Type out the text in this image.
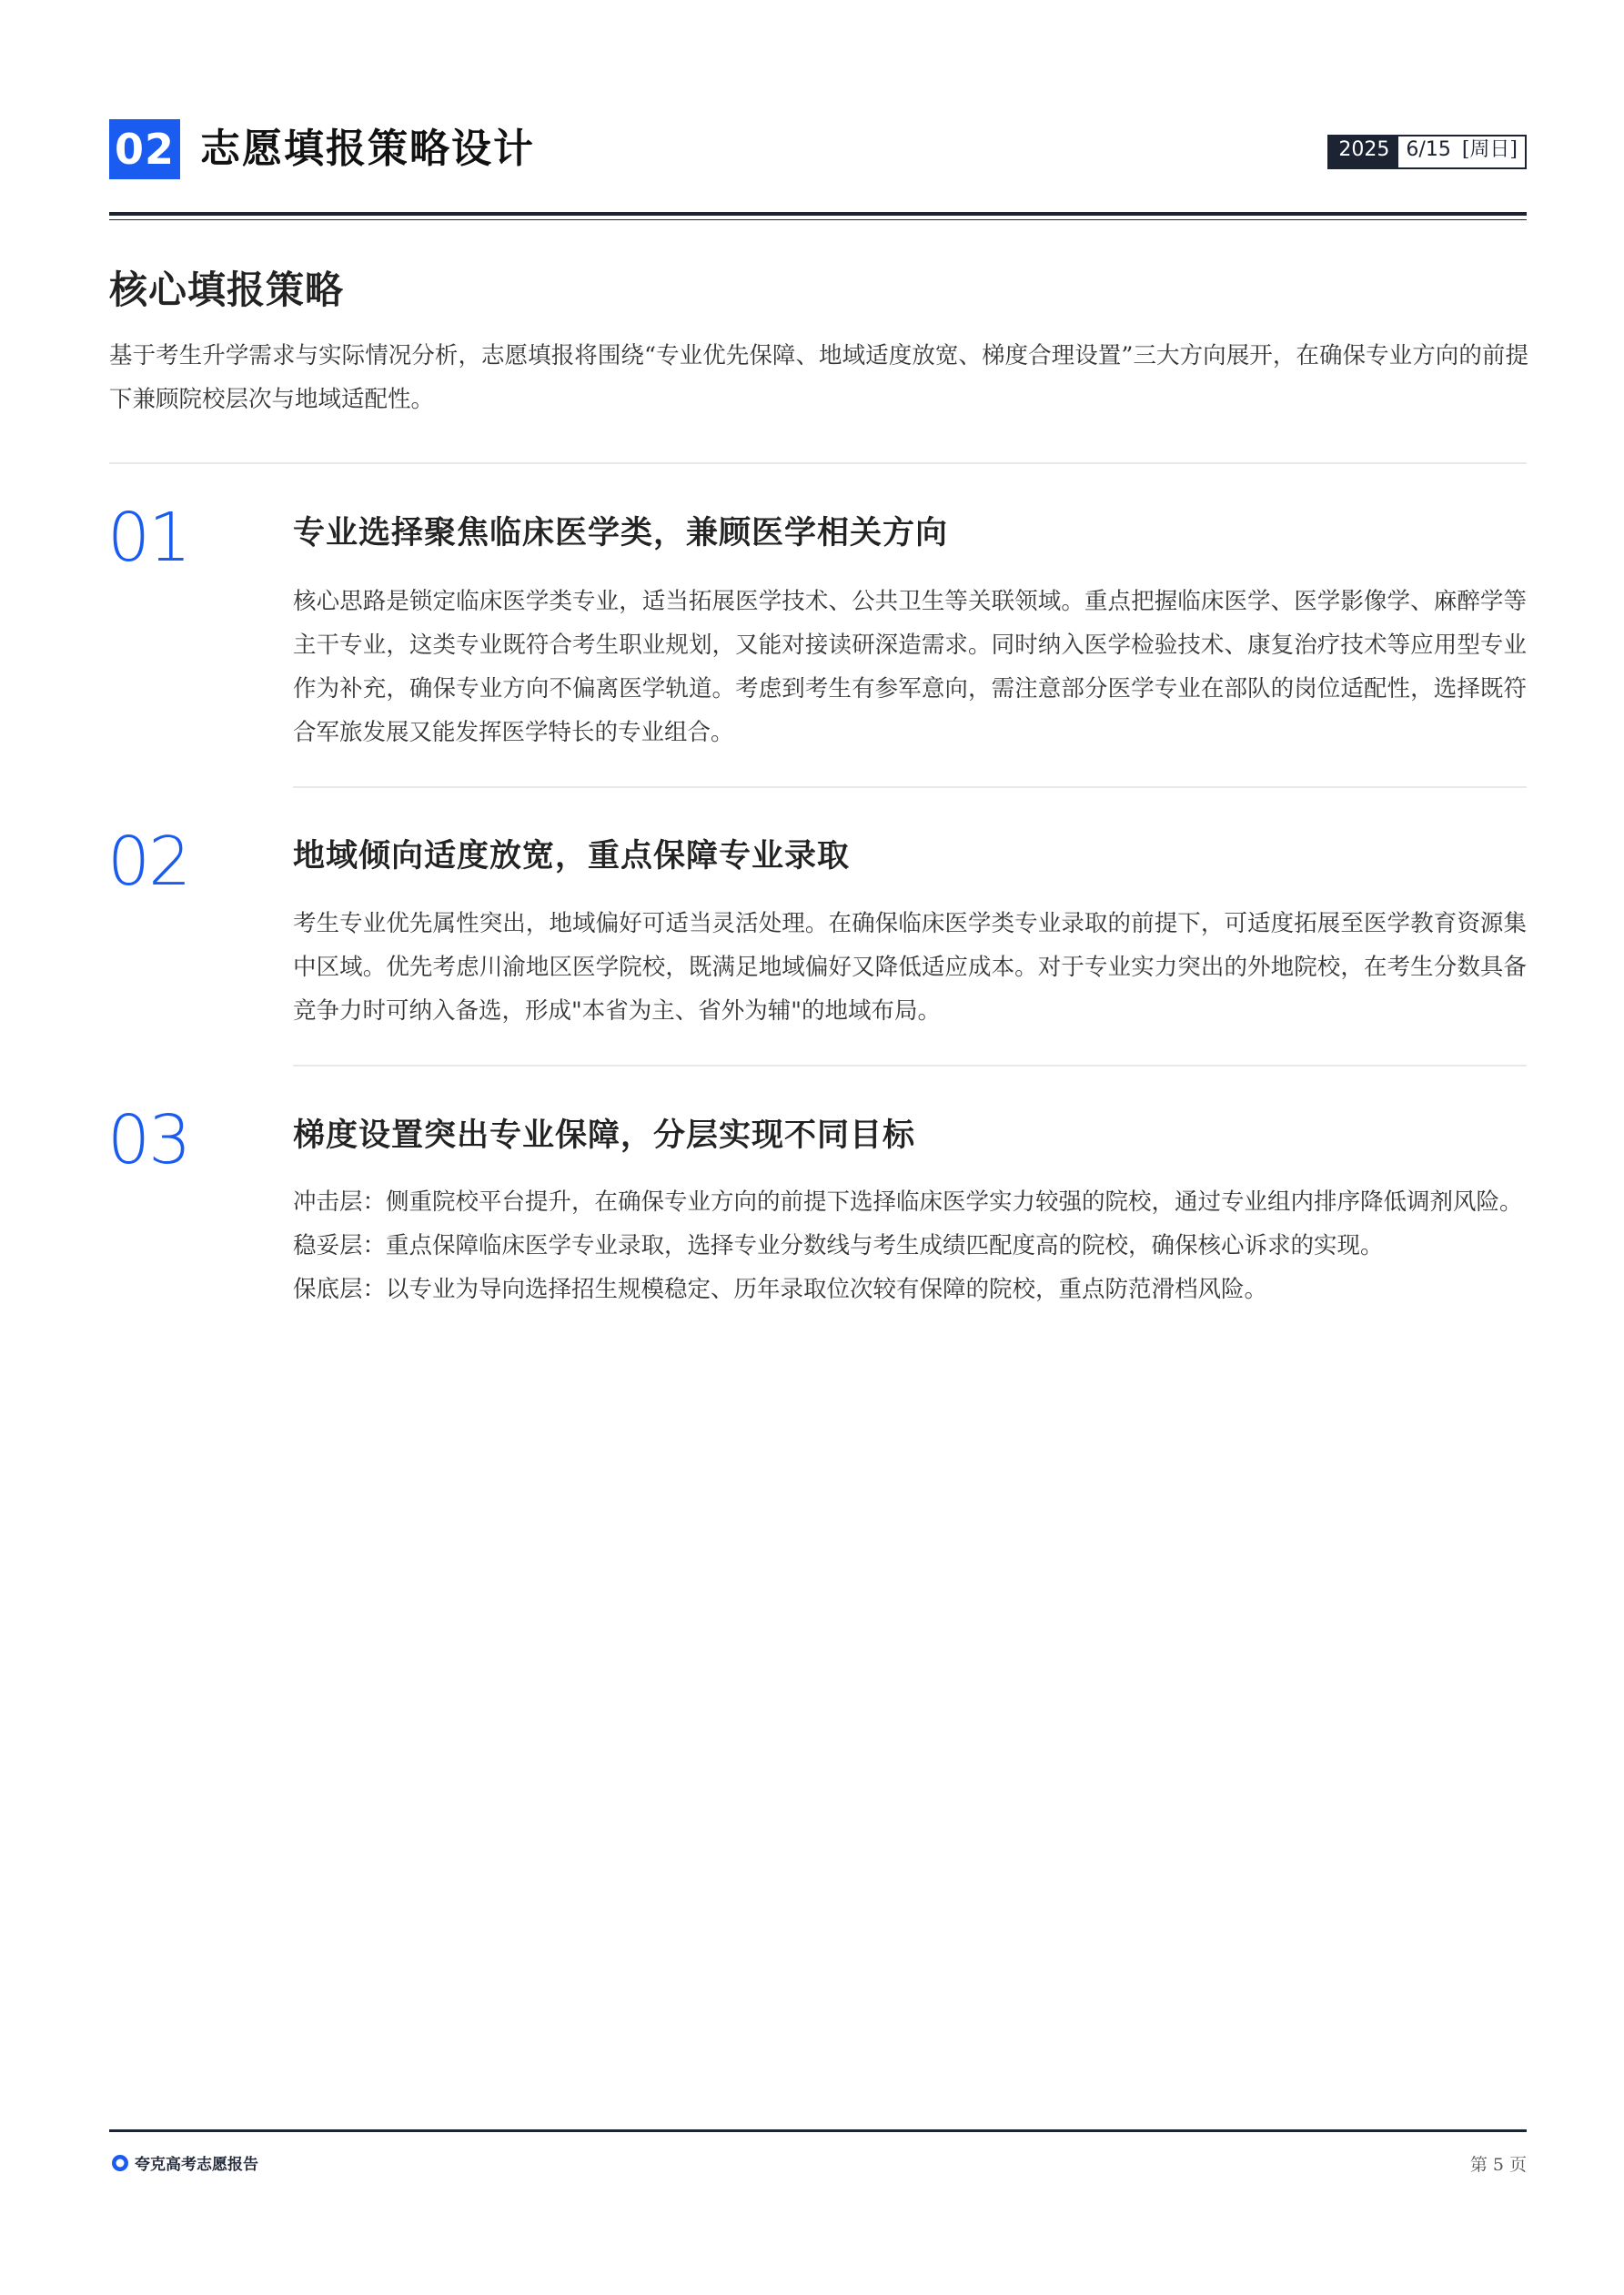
02 志愿填报策略设计	2025 6/15 [周日]
核心填报策略
基于考生升学需求与实际情况分析，志愿填报将围绕“专业优先保障、地域适度放宽、梯度合理设置”三大方向展开，在确保专业方向的前提下兼顾院校层次与地域适配性。
01	专业选择聚焦临床医学类，兼顾医学相关方向
核心思路是锁定临床医学类专业，适当拓展医学技术、公共卫生等关联领域。重点把握临床医学、医学影像学、麻醉学等主干专业，这类专业既符合考生职业规划，又能对接读研深造需求。同时纳入医学检验技术、康复治疗技术等应用型专业作为补充，确保专业方向不偏离医学轨道。考虑到考生有参军意向，需注意部分医学专业在部队的岗位适配性，选择既符合军旅发展又能发挥医学特长的专业组合。
02	地域倾向适度放宽，重点保障专业录取
考生专业优先属性突出，地域偏好可适当灵活处理。在确保临床医学类专业录取的前提下，可适度拓展至医学教育资源集中区域。优先考虑川渝地区医学院校，既满足地域偏好又降低适应成本。对于专业实力突出的外地院校，在考生分数具备竞争力时可纳入备选，形成"本省为主、省外为辅"的地域布局。
03	梯度设置突出专业保障，分层实现不同目标

冲击层：侧重院校平台提升，在确保专业方向的前提下选择临床医学实力较强的院校，通过专业组内排序降低调剂风险。

稳妥层：重点保障临床医学专业录取，选择专业分数线与考生成绩匹配度高的院校，确保核心诉求的实现。

保底层：以专业为导向选择招生规模稳定、历年录取位次较有保障的院校，重点防范滑档风险。

夸克高考志愿报告	第 5 页
